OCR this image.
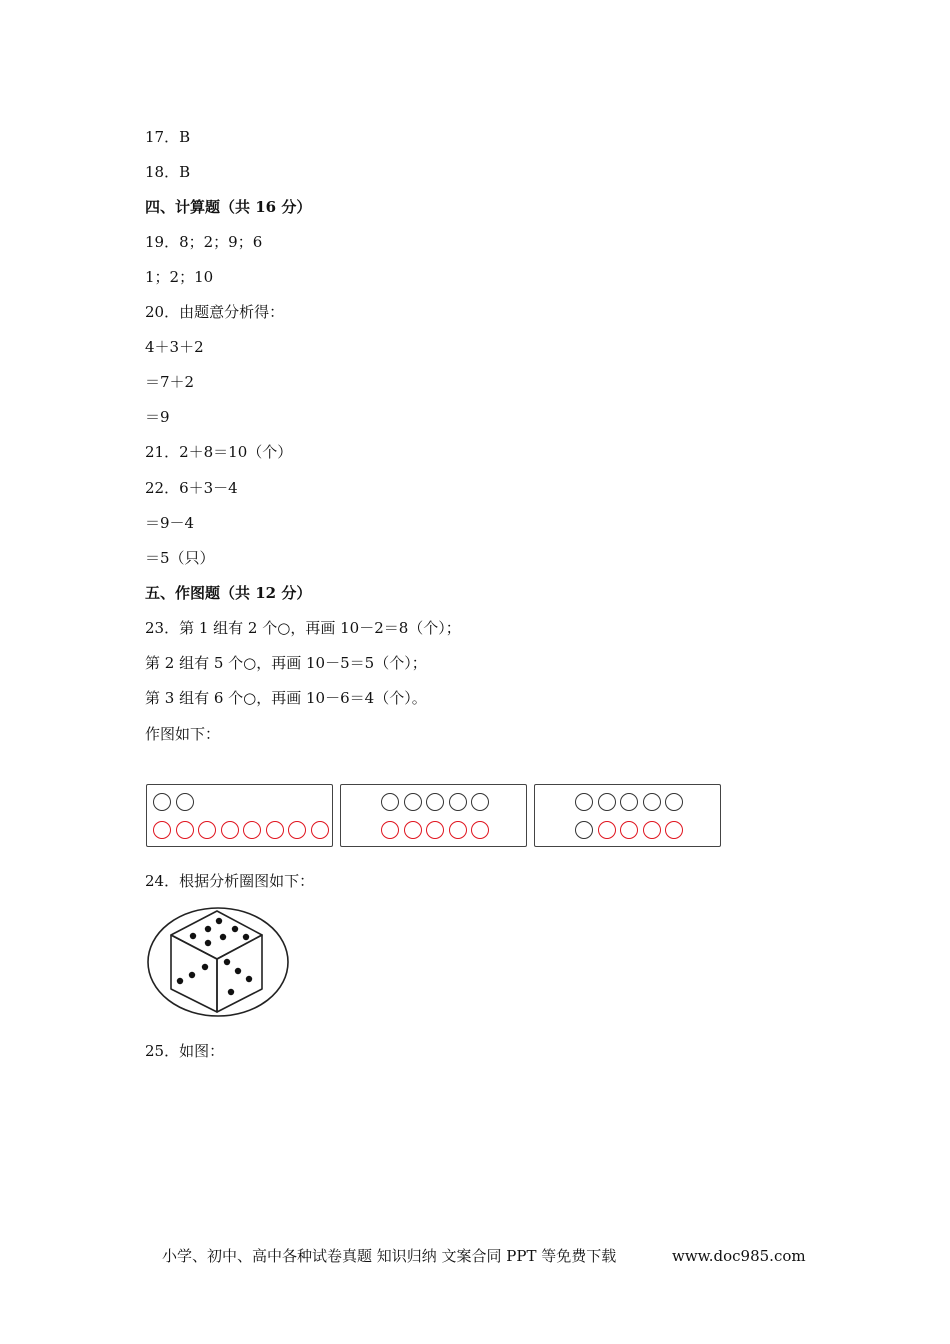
17．B
18．B
四、计算题（共 16 分）
19．8；2；9；6
1；2；10
20．由题意分析得：
4＋3＋2
＝7＋2
＝9
21．2＋8＝10（个）
22．6＋3－4
＝9－4
＝5（只）
五、作图题（共 12 分）
23．第 1 组有 2 个○，再画 10－2＝8（个）；
第 2 组有 5 个○，再画 10－5＝5（个）；
第 3 组有 6 个○，再画 10－6＝4（个）。
作图如下：
24．根据分析圈图如下：
25．如图：
小学、初中、高中各种试卷真题 知识归纳 文案合同 PPT 等免费下载	www.doc985.com
